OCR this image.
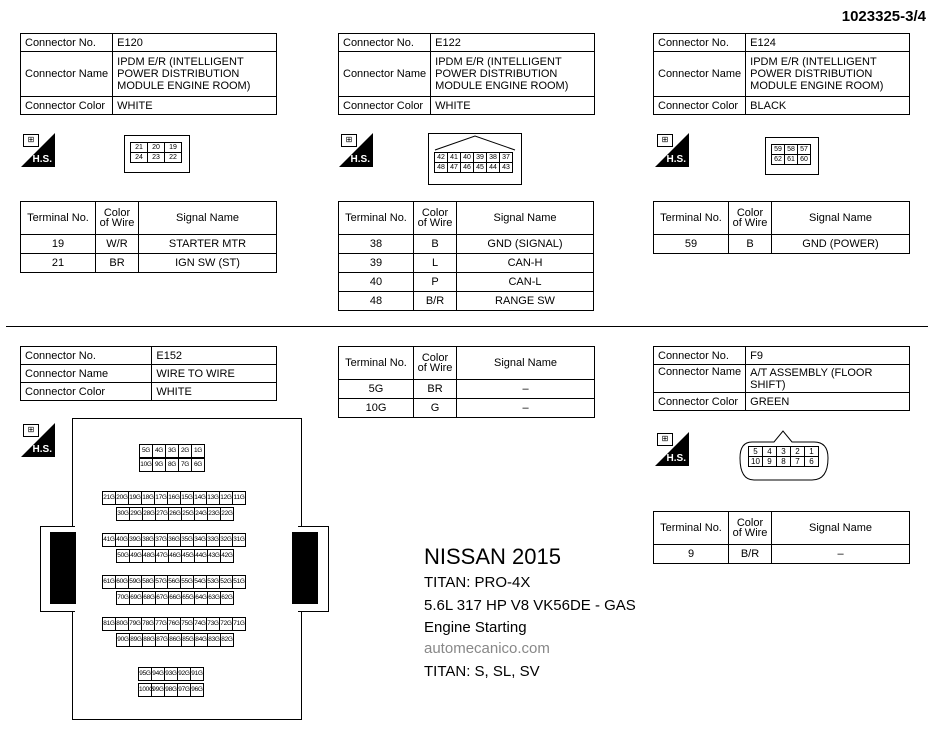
1023325-3/4
Connector No.	E120
Connector Name	IPDM E/R (INTELLIGENT POWER DISTRIBUTION MODULE ENGINE ROOM)
Connector Color	WHITE
⊞
H.S.
21	20	19
24	23	22
Terminal No.	Color of Wire	Signal Name
19	W/R	STARTER MTR
21	BR	IGN SW (ST)
Connector No.	E122
Connector Name	IPDM E/R (INTELLIGENT POWER DISTRIBUTION MODULE ENGINE ROOM)
Connector Color	WHITE
⊞
H.S.	42 41 40 39 38 37
48 47 46 45 44 43
Terminal No.	Color of Wire	Signal Name
38	B	GND (SIGNAL)
39	L	CAN-H
40	P	CAN-L
48	B/R	RANGE SW
Connector No.	E124
Connector Name	IPDM E/R (INTELLIGENT POWER DISTRIBUTION MODULE ENGINE ROOM)
Connector Color	BLACK
⊞
H.S.
59 58 57
62 61 60
Terminal No.	Color of Wire	Signal Name
59	B	GND (POWER)
Connector No.	E152
Connector Name	WIRE TO WIRE
Connector Color	WHITE
⊞
H.S.	5G 4G 3G 2G 1G
10G 9G 8G 7G 6G
21G 20G 19G 18G 17G 16G 15G 14G 13G 12G 11G
30G 29G 28G 27G 26G 25G 24G 23G 22G
41G 40G 39G 38G 37G 36G 35G 34G 33G 32G 31G
50G 49G 48G 47G 46G 45G 44G 43G 42G
61G 60G 59G 58G 57G 56G 55G 54G 53G 52G 51G
70G 69G 68G 67G 66G 65G 64G 63G 62G
81G 80G 79G 78G 77G 76G 75G 74G 73G 72G 71G
90G 89G 88G 87G 86G 85G 84G 83G 82G
95G 94G 93G 92G 91G
100G
99G 98G 97G 96G
Terminal No.	Color of Wire	Signal Name
5G	BR	–
10G	G	–
Connector No.	F9
Connector Name	A/T ASSEMBLY (FLOOR SHIFT)
Connector Color	GREEN
⊞
H.S.
5	4	3	2	1
10 9	8	7	6
Terminal No.	Color of Wire	Signal Name
9	B/R	–
NISSAN 2015
TITAN: PRO-4X
5.6L 317 HP V8 VK56DE - GAS
Engine Starting
automecanico.com
TITAN: S, SL, SV
